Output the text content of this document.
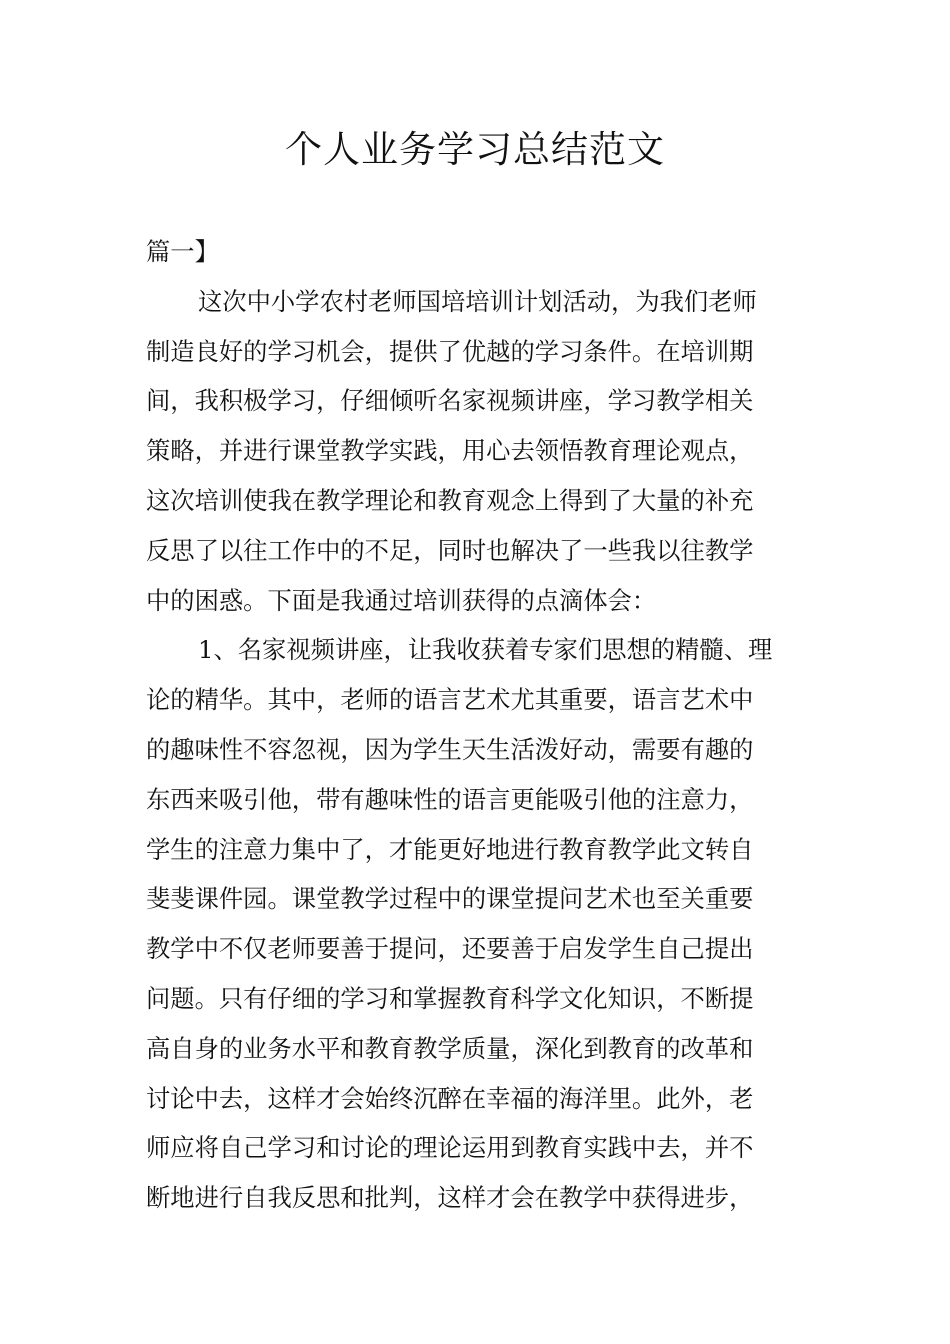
个人业务学习总结范文
篇一】
这次中小学农村老师国培培训计划活动，为我们老师
制造良好的学习机会，提供了优越的学习条件。在培训期
间，我积极学习，仔细倾听名家视频讲座，学习教学相关
策略，并进行课堂教学实践，用心去领悟教育理论观点，
这次培训使我在教学理论和教育观念上得到了大量的补充
反思了以往工作中的不足，同时也解决了一些我以往教学
中的困惑。下面是我通过培训获得的点滴体会：
1、名家视频讲座，让我收获着专家们思想的精髓、理
论的精华。其中，老师的语言艺术尤其重要，语言艺术中
的趣味性不容忽视，因为学生天生活泼好动，需要有趣的
东西来吸引他，带有趣味性的语言更能吸引他的注意力，
学生的注意力集中了，才能更好地进行教育教学此文转自
斐斐课件园。课堂教学过程中的课堂提问艺术也至关重要
教学中不仅老师要善于提问，还要善于启发学生自己提出
问题。只有仔细的学习和掌握教育科学文化知识，不断提
高自身的业务水平和教育教学质量，深化到教育的改革和
讨论中去，这样才会始终沉醉在幸福的海洋里。此外，老
师应将自己学习和讨论的理论运用到教育实践中去，并不
断地进行自我反思和批判，这样才会在教学中获得进步，
